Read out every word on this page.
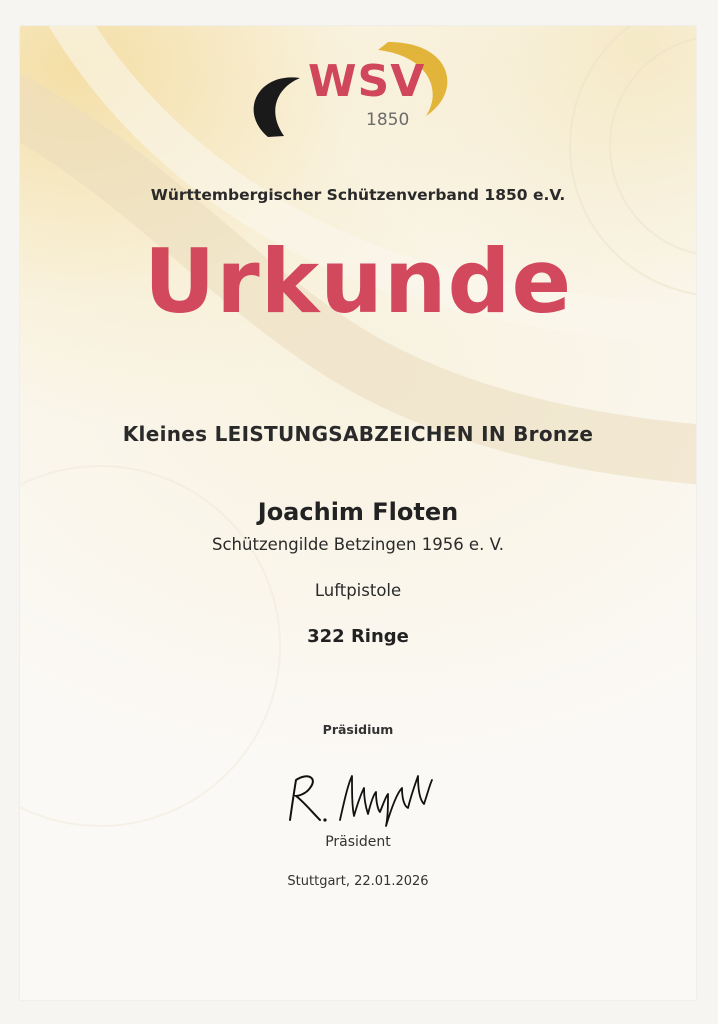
WSV
1850
Württembergischer Schützenverband 1850 e.V.
Urkunde
Kleines LEISTUNGSABZEICHEN IN Bronze
Joachim Floten
Schützengilde Betzingen 1956 e. V.
Luftpistole
322 Ringe
Präsidium
Präsident
Stuttgart, 22.01.2026
